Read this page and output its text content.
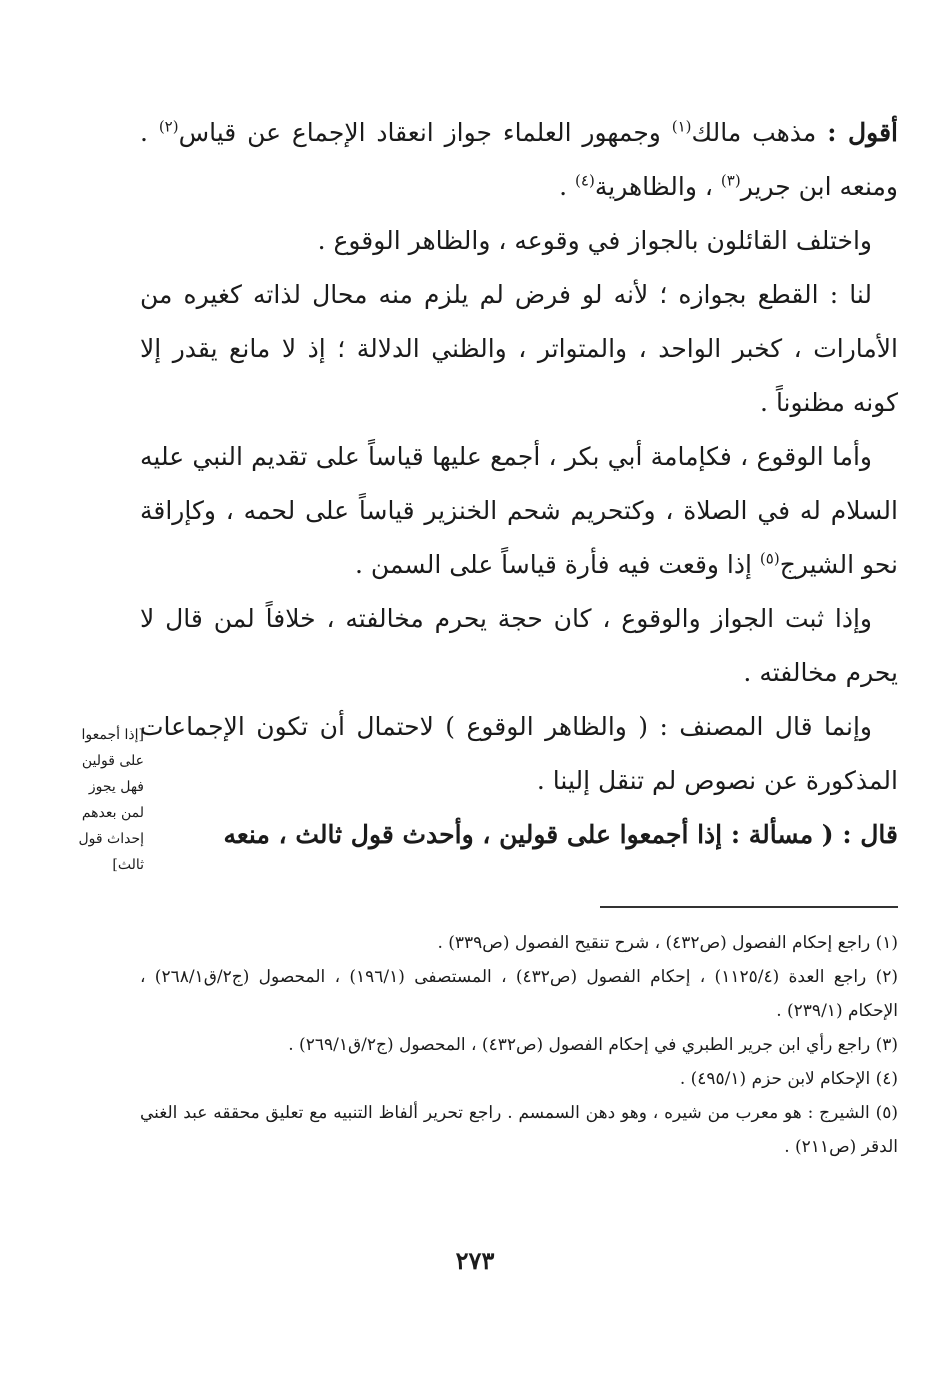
أقول : مذهب مالك$^{(١)}$ وجمهور العلماء جواز انعقاد الإجماع عن قياس$^{(٢)}$ . ومنعه ابن جرير$^{(٣)}$ ، والظاهرية$^{(٤)}$ .

واختلف القائلون بالجواز في وقوعه ، والظاهر الوقوع .

لنا : القطع بجوازه ؛ لأنه لو فرض لم يلزم منه محال لذاته كغيره من الأمارات ، كخبر الواحد ، والمتواتر ، والظني الدلالة ؛ إذ لا مانع يقدر إلا كونه مظنوناً .

وأما الوقوع ، فكإمامة أبي بكر ، أجمع عليها قياساً على تقديم النبي عليه السلام له في الصلاة ، وكتحريم شحم الخنزير قياساً على لحمه ، وكإراقة نحو الشيرج$^{(٥)}$ إذا وقعت فيه فأرة قياساً على السمن .

وإذا ثبت الجواز والوقوع ، كان حجة يحرم مخالفته ، خلافاً لمن قال لا يحرم مخالفته .

وإنما قال المصنف : ( والظاهر الوقوع ) لاحتمال أن تكون الإجماعات المذكورة عن نصوص لم تنقل إلينا .

قال : ( مسألة : إذا أجمعوا على قولين ، وأحدث قول ثالث ، منعه

[إذا أجمعوا
على قولين
فهل يجوز
لمن بعدهم
إحداث قول
ثالث]

(١) راجع إحكام الفصول (ص٤٣٢) ، شرح تنقيح الفصول (ص٣٣٩) .

(٢) راجع العدة (١١٢٥/٤) ، إحكام الفصول (ص٤٣٢) ، المستصفى (١٩٦/١) ، المحصول (ج٢/ق٢٦٨/١) ، الإحكام (٢٣٩/١) .

(٣) راجع رأي ابن جرير الطبري في إحكام الفصول (ص٤٣٢) ، المحصول (ج٢/ق٢٦٩/١) .

(٤) الإحكام لابن حزم (٤٩٥/١) .

(٥) الشيرج : هو معرب من شيره ، وهو دهن السمسم . راجع تحرير ألفاظ التنبيه مع تعليق محققه عبد الغني الدقر (ص٢١١) .

٢٧٣
